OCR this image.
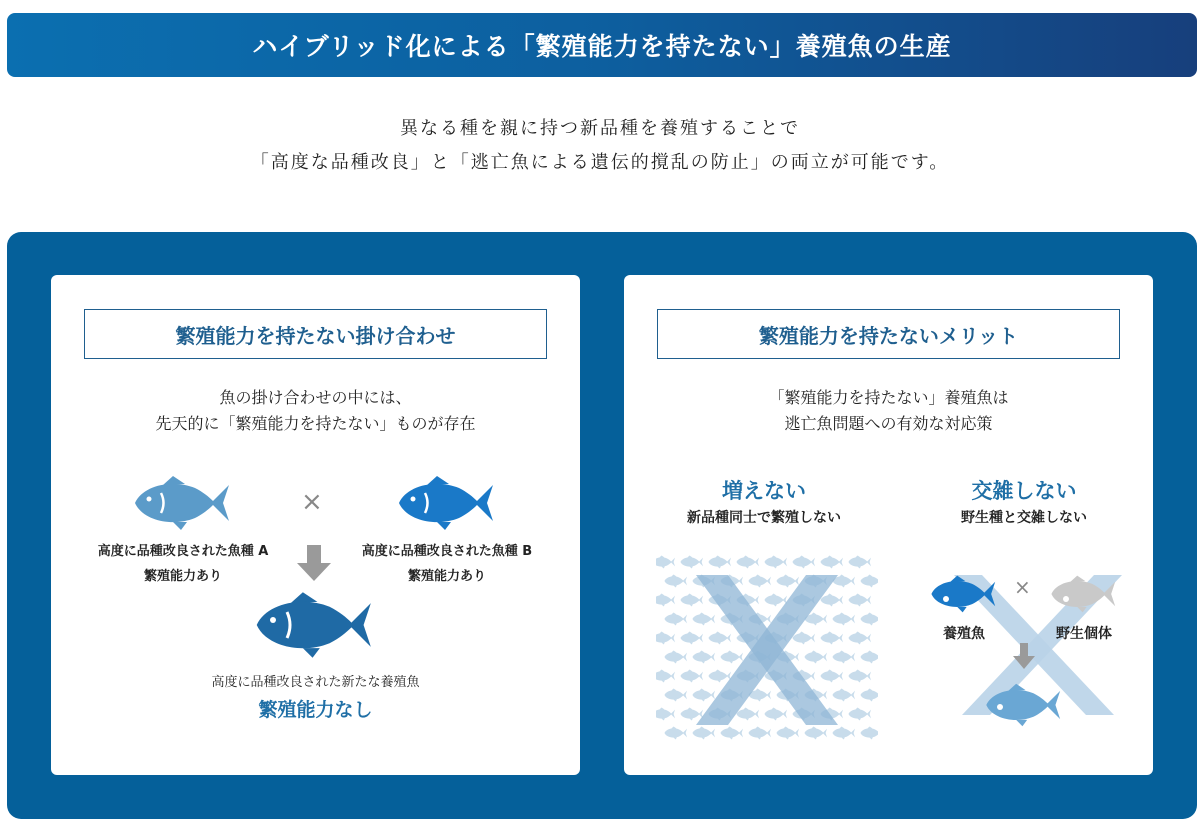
ハイブリッド化による「繁殖能力を持たない」養殖魚の生産
異なる種を親に持つ新品種を養殖することで
「高度な品種改良」と「逃亡魚による遺伝的撹乱の防止」の両立が可能です。
繁殖能力を持たない掛け合わせ
魚の掛け合わせの中には、
先天的に「繁殖能力を持たない」ものが存在
×
高度に品種改良された魚種 A
繁殖能力あり
高度に品種改良された魚種 B
繁殖能力あり
高度に品種改良された新たな養殖魚
繁殖能力なし
繁殖能力を持たないメリット
「繁殖能力を持たない」養殖魚は
逃亡魚問題への有効な対応策
増えない
新品種同士で繁殖しない
交雑しない
野生種と交雑しない
×
養殖魚	野生個体
